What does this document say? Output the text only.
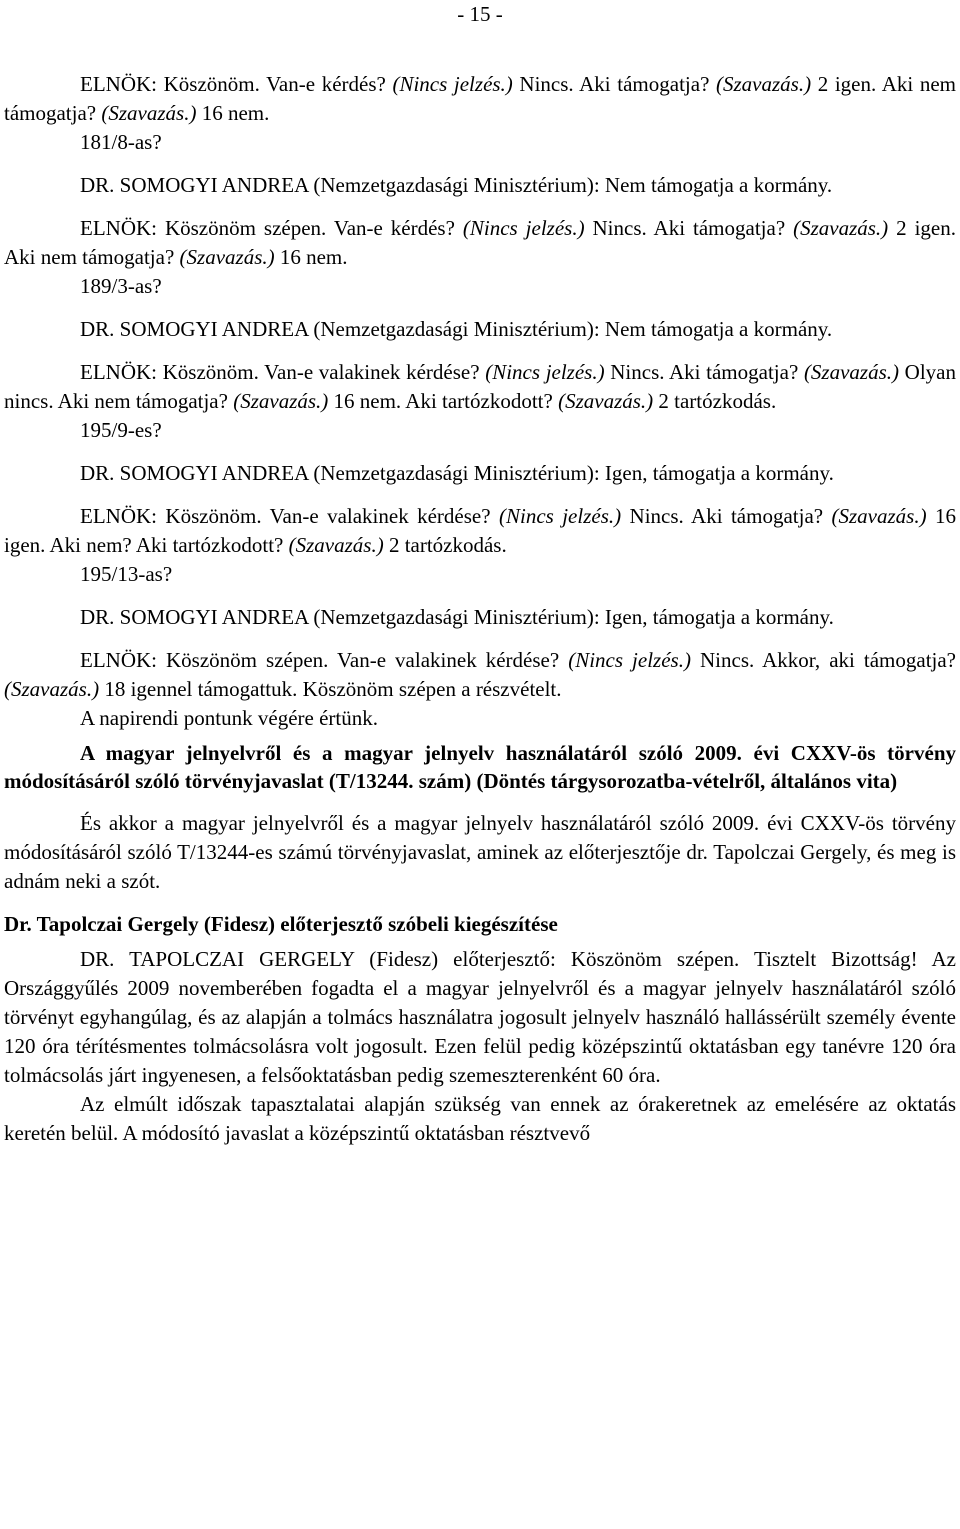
- 15 -

ELNÖK: Köszönöm. Van-e kérdés? (Nincs jelzés.) Nincs. Aki támogatja? (Szavazás.) 2 igen. Aki nem támogatja? (Szavazás.) 16 nem.

181/8-as?

DR. SOMOGYI ANDREA (Nemzetgazdasági Minisztérium): Nem támogatja a kormány.

ELNÖK: Köszönöm szépen. Van-e kérdés? (Nincs jelzés.) Nincs. Aki támogatja? (Szavazás.) 2 igen. Aki nem támogatja? (Szavazás.) 16 nem.

189/3-as?

DR. SOMOGYI ANDREA (Nemzetgazdasági Minisztérium): Nem támogatja a kormány.

ELNÖK: Köszönöm. Van-e valakinek kérdése? (Nincs jelzés.) Nincs. Aki támogatja? (Szavazás.) Olyan nincs. Aki nem támogatja? (Szavazás.) 16 nem. Aki tartózkodott? (Szavazás.) 2 tartózkodás.

195/9-es?

DR. SOMOGYI ANDREA (Nemzetgazdasági Minisztérium): Igen, támogatja a kormány.

ELNÖK: Köszönöm. Van-e valakinek kérdése? (Nincs jelzés.) Nincs. Aki támogatja? (Szavazás.) 16 igen. Aki nem? Aki tartózkodott? (Szavazás.) 2 tartózkodás.

195/13-as?

DR. SOMOGYI ANDREA (Nemzetgazdasági Minisztérium): Igen, támogatja a kormány.

ELNÖK: Köszönöm szépen. Van-e valakinek kérdése? (Nincs jelzés.) Nincs. Akkor, aki támogatja? (Szavazás.) 18 igennel támogattuk. Köszönöm szépen a részvételt.

A napirendi pontunk végére értünk.

A magyar jelnyelvről és a magyar jelnyelv használatáról szóló 2009. évi CXXV-ös törvény módosításáról szóló törvényjavaslat (T/13244. szám) (Döntés tárgysorozatba-vételről, általános vita)

És akkor a magyar jelnyelvről és a magyar jelnyelv használatáról szóló 2009. évi CXXV-ös törvény módosításáról szóló T/13244-es számú törvényjavaslat, aminek az előterjesztője dr. Tapolczai Gergely, és meg is adnám neki a szót.

Dr. Tapolczai Gergely (Fidesz) előterjesztő szóbeli kiegészítése

DR. TAPOLCZAI GERGELY (Fidesz) előterjesztő: Köszönöm szépen. Tisztelt Bizottság! Az Országgyűlés 2009 novemberében fogadta el a magyar jelnyelvről és a magyar jelnyelv használatáról szóló törvényt egyhangúlag, és az alapján a tolmács használatra jogosult jelnyelv használó hallássérült személy évente 120 óra térítésmentes tolmácsolásra volt jogosult. Ezen felül pedig középszintű oktatásban egy tanévre 120 óra tolmácsolás járt ingyenesen, a felsőoktatásban pedig szemeszterenként 60 óra.

Az elmúlt időszak tapasztalatai alapján szükség van ennek az órakeretnek az emelésére az oktatás keretén belül. A módosító javaslat a középszintű oktatásban résztvevő
